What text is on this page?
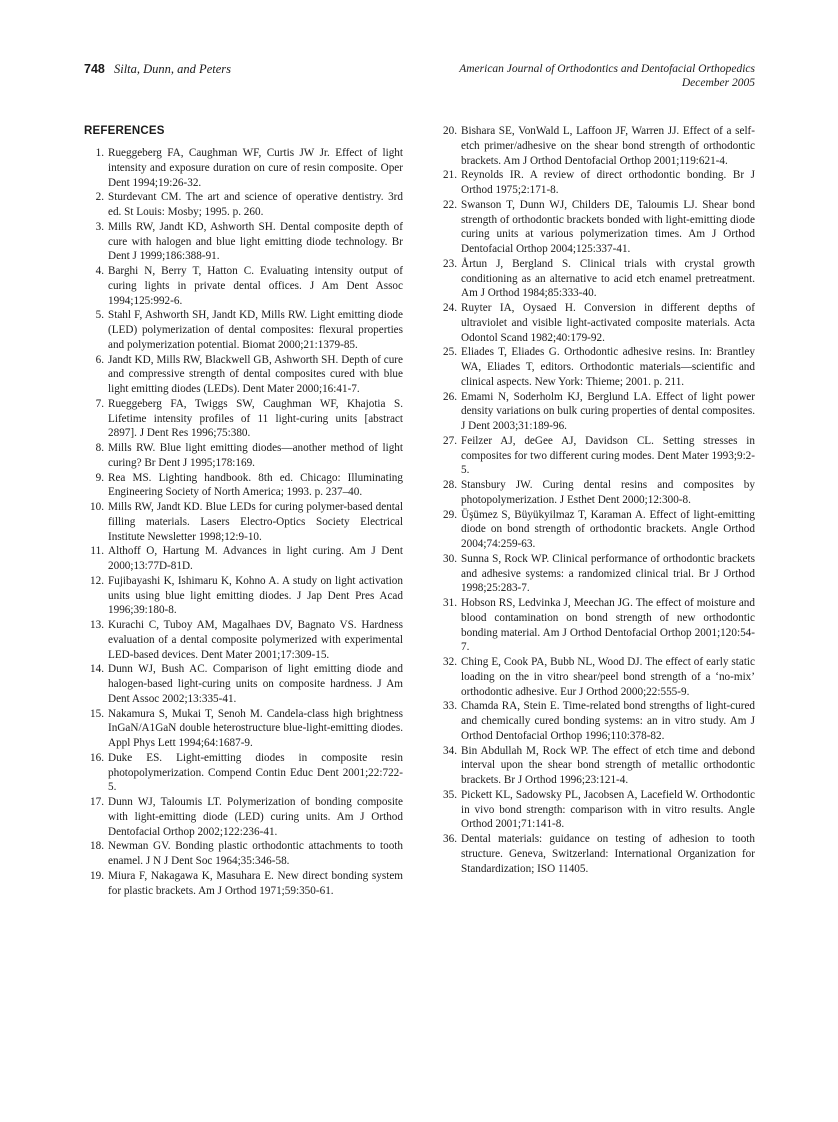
748 Silta, Dunn, and Peters	American Journal of Orthodontics and Dentofacial Orthopedics
December 2005
REFERENCES
1. Rueggeberg FA, Caughman WF, Curtis JW Jr. Effect of light intensity and exposure duration on cure of resin composite. Oper Dent 1994;19:26-32.
2. Sturdevant CM. The art and science of operative dentistry. 3rd ed. St Louis: Mosby; 1995. p. 260.
3. Mills RW, Jandt KD, Ashworth SH. Dental composite depth of cure with halogen and blue light emitting diode technology. Br Dent J 1999;186:388-91.
4. Barghi N, Berry T, Hatton C. Evaluating intensity output of curing lights in private dental offices. J Am Dent Assoc 1994;125:992-6.
5. Stahl F, Ashworth SH, Jandt KD, Mills RW. Light emitting diode (LED) polymerization of dental composites: flexural properties and polymerization potential. Biomat 2000;21:1379-85.
6. Jandt KD, Mills RW, Blackwell GB, Ashworth SH. Depth of cure and compressive strength of dental composites cured with blue light emitting diodes (LEDs). Dent Mater 2000;16:41-7.
7. Rueggeberg FA, Twiggs SW, Caughman WF, Khajotia S. Lifetime intensity profiles of 11 light-curing units [abstract 2897]. J Dent Res 1996;75:380.
8. Mills RW. Blue light emitting diodes—another method of light curing? Br Dent J 1995;178:169.
9. Rea MS. Lighting handbook. 8th ed. Chicago: Illuminating Engineering Society of North America; 1993. p. 237–40.
10. Mills RW, Jandt KD. Blue LEDs for curing polymer-based dental filling materials. Lasers Electro-Optics Society Electrical Institute Newsletter 1998;12:9-10.
11. Althoff O, Hartung M. Advances in light curing. Am J Dent 2000;13:77D-81D.
12. Fujibayashi K, Ishimaru K, Kohno A. A study on light activation units using blue light emitting diodes. J Jap Dent Pres Acad 1996;39:180-8.
13. Kurachi C, Tuboy AM, Magalhaes DV, Bagnato VS. Hardness evaluation of a dental composite polymerized with experimental LED-based devices. Dent Mater 2001;17:309-15.
14. Dunn WJ, Bush AC. Comparison of light emitting diode and halogen-based light-curing units on composite hardness. J Am Dent Assoc 2002;13:335-41.
15. Nakamura S, Mukai T, Senoh M. Candela-class high brightness InGaN/A1GaN double heterostructure blue-light-emitting diodes. Appl Phys Lett 1994;64:1687-9.
16. Duke ES. Light-emitting diodes in composite resin photopolymerization. Compend Contin Educ Dent 2001;22:722-5.
17. Dunn WJ, Taloumis LT. Polymerization of bonding composite with light-emitting diode (LED) curing units. Am J Orthod Dentofacial Orthop 2002;122:236-41.
18. Newman GV. Bonding plastic orthodontic attachments to tooth enamel. J N J Dent Soc 1964;35:346-58.
19. Miura F, Nakagawa K, Masuhara E. New direct bonding system for plastic brackets. Am J Orthod 1971;59:350-61.
20. Bishara SE, VonWald L, Laffoon JF, Warren JJ. Effect of a self-etch primer/adhesive on the shear bond strength of orthodontic brackets. Am J Orthod Dentofacial Orthop 2001;119:621-4.
21. Reynolds IR. A review of direct orthodontic bonding. Br J Orthod 1975;2:171-8.
22. Swanson T, Dunn WJ, Childers DE, Taloumis LJ. Shear bond strength of orthodontic brackets bonded with light-emitting diode curing units at various polymerization times. Am J Orthod Dentofacial Orthop 2004;125:337-41.
23. Årtun J, Bergland S. Clinical trials with crystal growth conditioning as an alternative to acid etch enamel pretreatment. Am J Orthod 1984;85:333-40.
24. Ruyter IA, Oysaed H. Conversion in different depths of ultraviolet and visible light-activated composite materials. Acta Odontol Scand 1982;40:179-92.
25. Eliades T, Eliades G. Orthodontic adhesive resins. In: Brantley WA, Eliades T, editors. Orthodontic materials—scientific and clinical aspects. New York: Thieme; 2001. p. 211.
26. Emami N, Soderholm KJ, Berglund LA. Effect of light power density variations on bulk curing properties of dental composites. J Dent 2003;31:189-96.
27. Feilzer AJ, deGee AJ, Davidson CL. Setting stresses in composites for two different curing modes. Dent Mater 1993;9:2-5.
28. Stansbury JW. Curing dental resins and composites by photopolymerization. J Esthet Dent 2000;12:300-8.
29. Üşümez S, Büyükyilmaz T, Karaman A. Effect of light-emitting diode on bond strength of orthodontic brackets. Angle Orthod 2004;74:259-63.
30. Sunna S, Rock WP. Clinical performance of orthodontic brackets and adhesive systems: a randomized clinical trial. Br J Orthod 1998;25:283-7.
31. Hobson RS, Ledvinka J, Meechan JG. The effect of moisture and blood contamination on bond strength of new orthodontic bonding material. Am J Orthod Dentofacial Orthop 2001;120:54-7.
32. Ching E, Cook PA, Bubb NL, Wood DJ. The effect of early static loading on the in vitro shear/peel bond strength of a ‘no-mix’ orthodontic adhesive. Eur J Orthod 2000;22:555-9.
33. Chamda RA, Stein E. Time-related bond strengths of light-cured and chemically cured bonding systems: an in vitro study. Am J Orthod Dentofacial Orthop 1996;110:378-82.
34. Bin Abdullah M, Rock WP. The effect of etch time and debond interval upon the shear bond strength of metallic orthodontic brackets. Br J Orthod 1996;23:121-4.
35. Pickett KL, Sadowsky PL, Jacobsen A, Lacefield W. Orthodontic in vivo bond strength: comparison with in vitro results. Angle Orthod 2001;71:141-8.
36. Dental materials: guidance on testing of adhesion to tooth structure. Geneva, Switzerland: International Organization for Standardization; ISO 11405.
